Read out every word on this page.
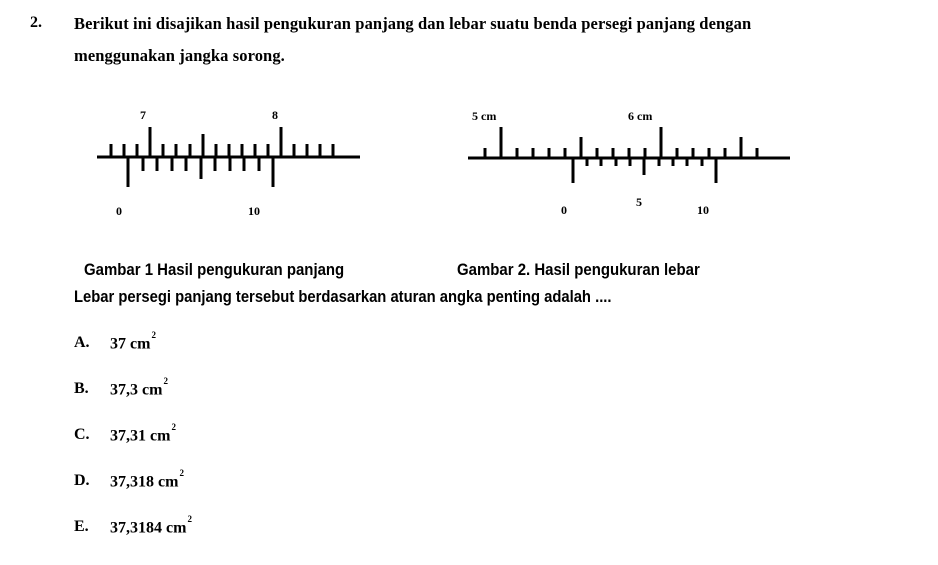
2. Berikut ini disajikan hasil pengukuran panjang dan lebar suatu benda persegi panjang dengan
menggunakan jangka sorong.
7	8
0	10
5 cm	6 cm
0
5
10
Gambar 1 Hasil pengukuran panjang	Gambar 2. Hasil pengukuran lebar
Lebar persegi panjang tersebut berdasarkan aturan angka penting adalah ....
A.	37 $cm^2$
B.	37,3 $cm^2$
C.	37,31 $cm^2$
D.	37,318 $cm^2$
E.	37,3184 $cm^2$
